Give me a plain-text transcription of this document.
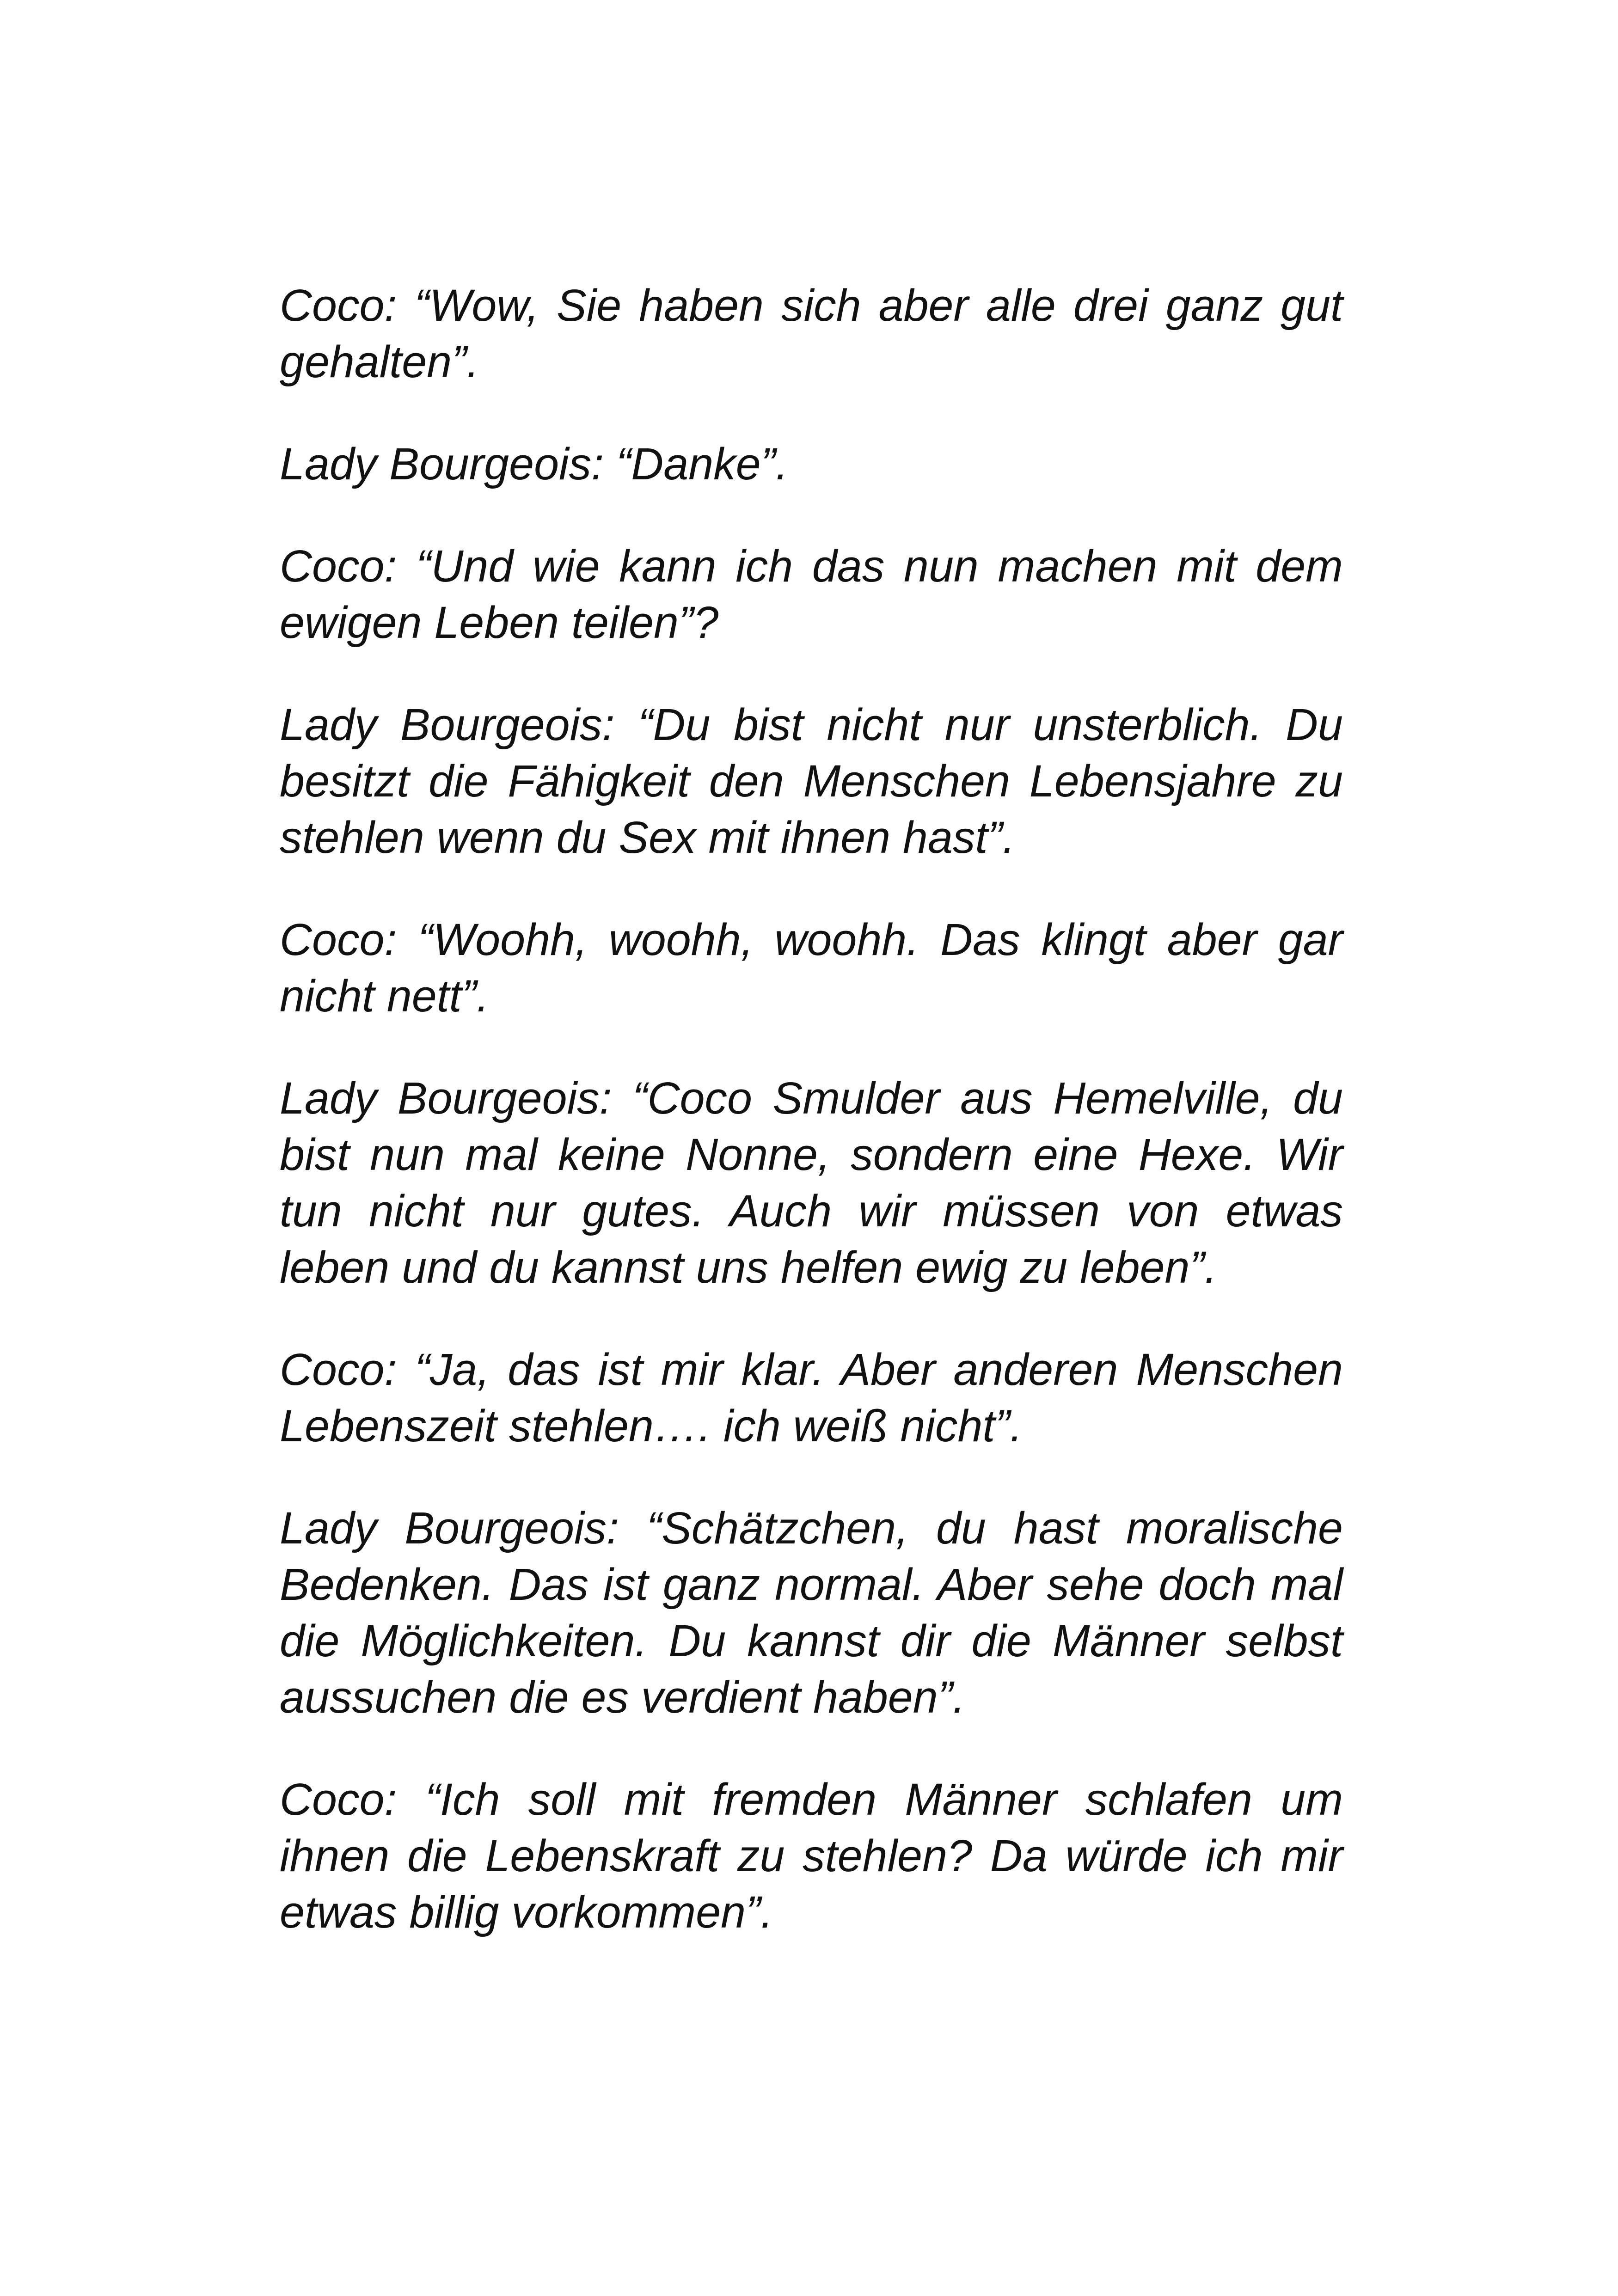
Coco: “Wow, Sie haben sich aber alle drei ganz gut gehalten”.

Lady Bourgeois: “Danke”.

Coco: “Und wie kann ich das nun machen mit dem ewigen Leben teilen”?

Lady Bourgeois: “Du bist nicht nur unsterblich. Du besitzt die Fähigkeit den Menschen Lebensjahre zu stehlen wenn du Sex mit ihnen hast”.

Coco: “Woohh, woohh, woohh. Das klingt aber gar nicht nett”.

Lady Bourgeois: “Coco Smulder aus Hemelville, du bist nun mal keine Nonne, sondern eine Hexe. Wir tun nicht nur gutes. Auch wir müssen von etwas leben und du kannst uns helfen ewig zu leben”.

Coco: “Ja, das ist mir klar. Aber anderen Menschen Lebenszeit stehlen…. ich weiß nicht”.

Lady Bourgeois: “Schätzchen, du hast moralische Bedenken. Das ist ganz normal. Aber sehe doch mal die Möglichkeiten. Du kannst dir die Männer selbst aussuchen die es verdient haben”.

Coco: “Ich soll mit fremden Männer schlafen um ihnen die Lebenskraft zu stehlen? Da würde ich mir etwas billig vorkommen”.
